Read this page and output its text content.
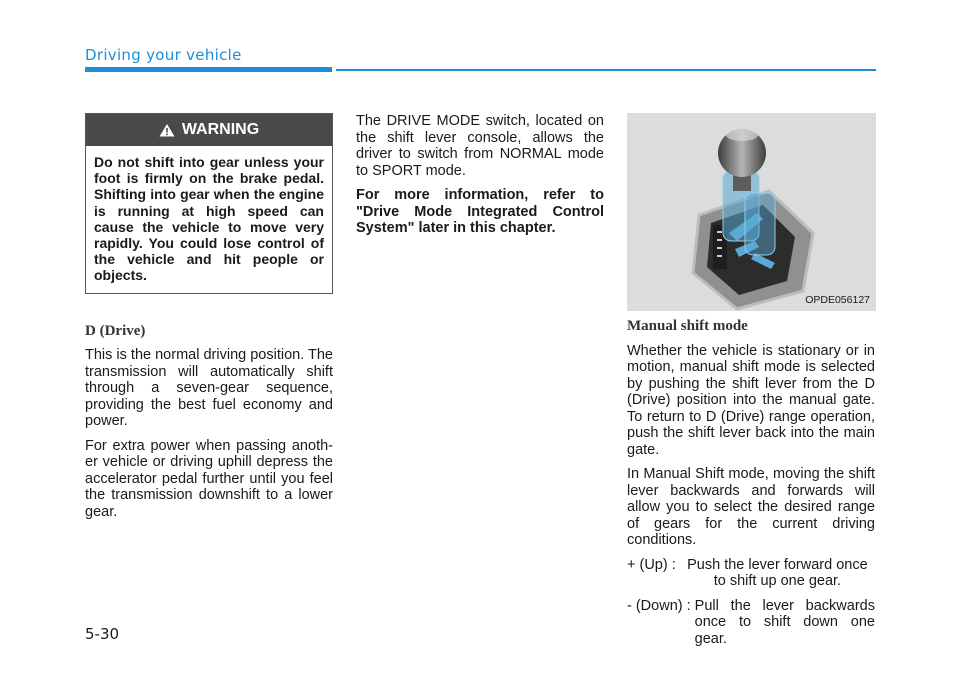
Driving your vehicle
WARNING
Do not shift into gear unless your foot is firmly on the brake pedal. Shifting into gear when the engine is running at high speed can cause the vehicle to move very rapidly. You could lose control of the vehicle and hit people or objects.
D (Drive)

This is the normal driving position. The transmission will automatically shift through a seven-gear sequence, providing the best fuel economy and power.

For extra power when passing anoth-er vehicle or driving uphill depress the accelerator pedal further until you feel the transmission downshift to a lower gear.

The DRIVE MODE switch, located on the shift lever console, allows the driver to switch from NORMAL mode to SPORT mode.

For more information, refer to "Drive Mode Integrated Control System" later in this chapter.

OPDE056127
Manual shift mode

Whether the vehicle is stationary or in motion, manual shift mode is selected by pushing the shift lever from the D (Drive) position into the manual gate. To return to D (Drive) range operation, push the shift lever back into the main gate.

In Manual Shift mode, moving the shift lever backwards and forwards will allow you to select the desired range of gears for the current driving conditions.

+ (Up) : Push the lever forward once to shift up one gear.
- (Down) : Pull the lever backwards once to shift down one gear.
5-30
